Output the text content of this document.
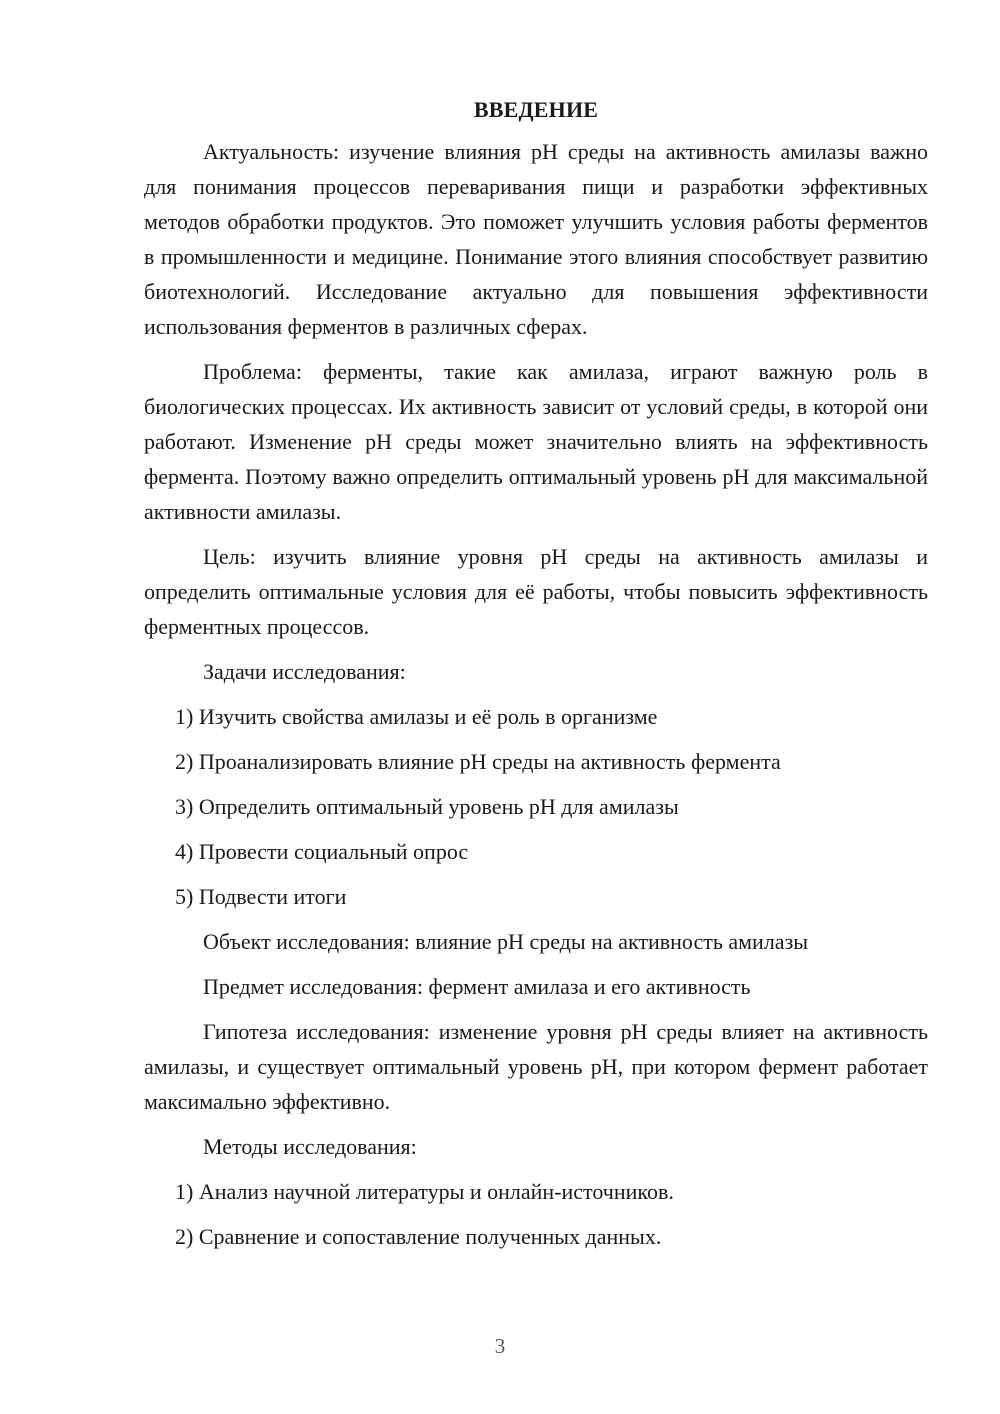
ВВЕДЕНИЕ

Актуальность: изучение влияния pH среды на активность амилазы важно для понимания процессов переваривания пищи и разработки эффективных методов обработки продуктов. Это поможет улучшить условия работы ферментов в промышленности и медицине. Понимание этого влияния способствует развитию биотехнологий. Исследование актуально для повышения эффективности использования ферментов в различных сферах.

Проблема: ферменты, такие как амилаза, играют важную роль в биологических процессах. Их активность зависит от условий среды, в которой они работают. Изменение pH среды может значительно влиять на эффективность фермента. Поэтому важно определить оптимальный уровень pH для максимальной активности амилазы.

Цель: изучить влияние уровня pH среды на активность амилазы и определить оптимальные условия для её работы, чтобы повысить эффективность ферментных процессов.

Задачи исследования:
1) Изучить свойства амилазы и её роль в организме
2) Проанализировать влияние pH среды на активность фермента
3) Определить оптимальный уровень pH для амилазы
4) Провести социальный опрос
5) Подвести итоги
Объект исследования: влияние pH среды на активность амилазы
Предмет исследования: фермент амилаза и его активность

Гипотеза исследования: изменение уровня pH среды влияет на активность амилазы, и существует оптимальный уровень pH, при котором фермент работает максимально эффективно.

Методы исследования:
1) Анализ научной литературы и онлайн-источников.
2) Сравнение и сопоставление полученных данных.
3
